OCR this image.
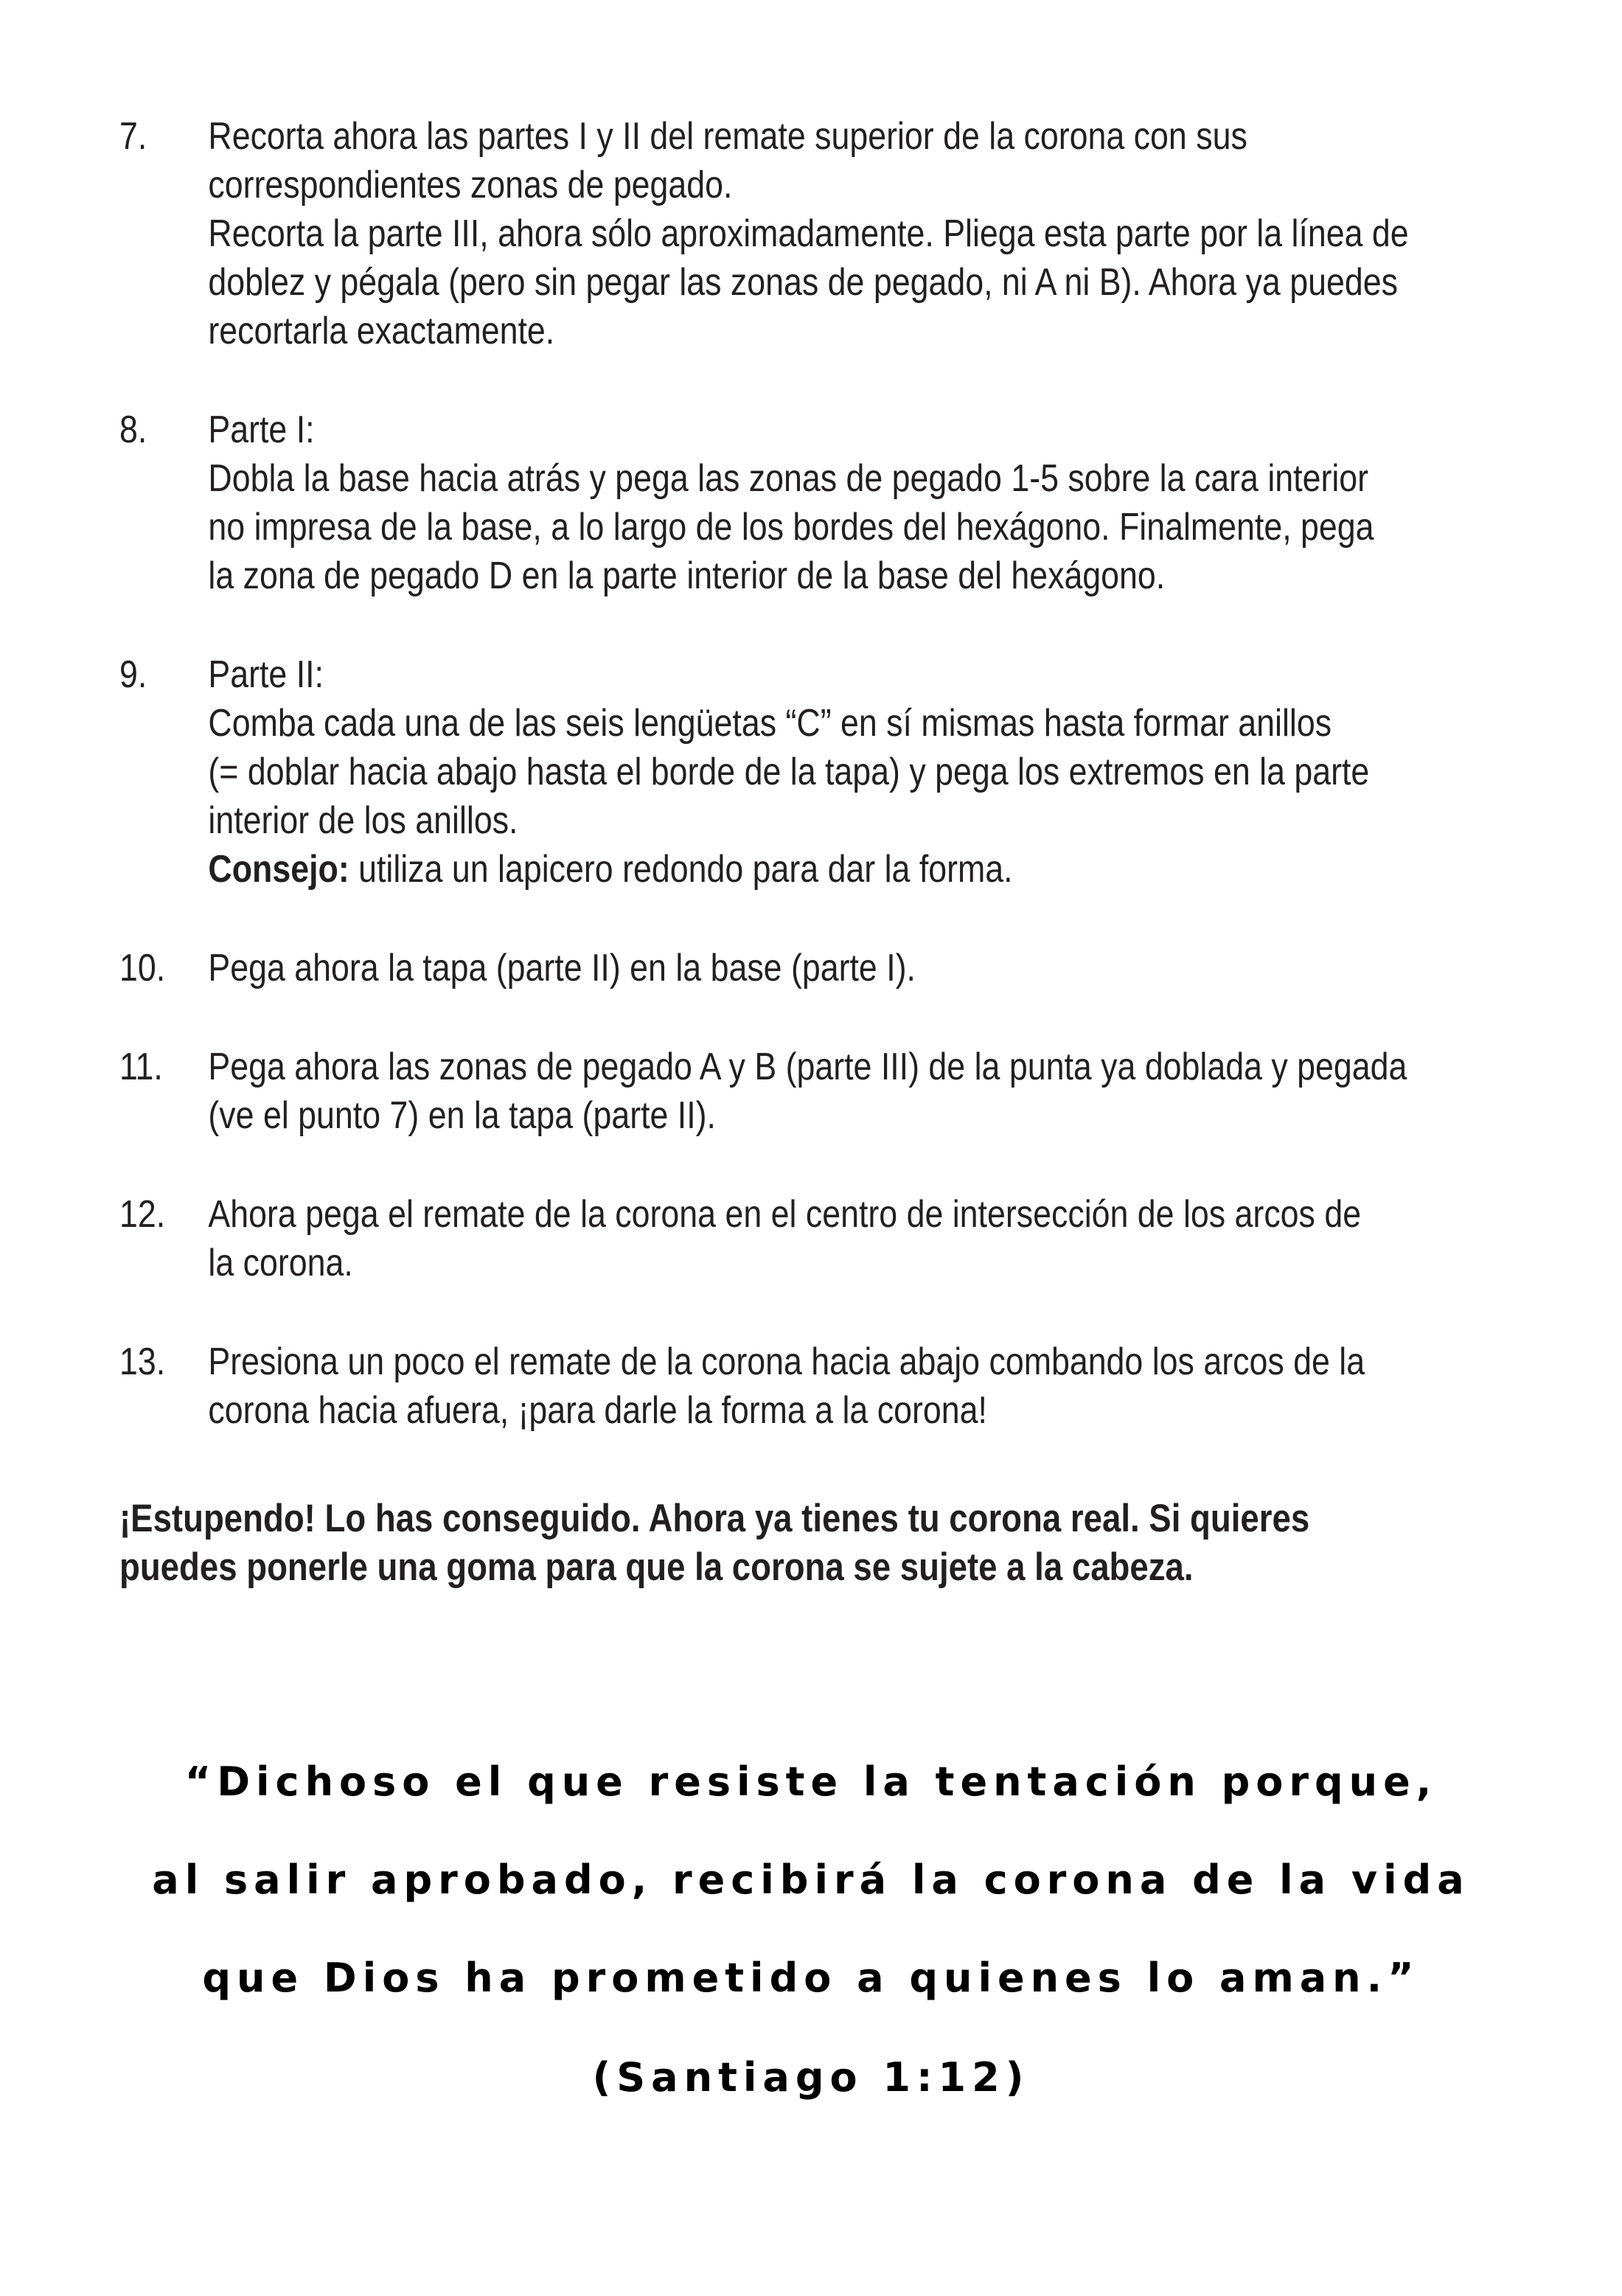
7.	Recorta ahora las partes I y II del remate superior de la corona con sus
correspondientes zonas de pegado.
Recorta la parte III, ahora sólo aproximadamente. Pliega esta parte por la línea de
doblez y pégala (pero sin pegar las zonas de pegado, ni A ni B). Ahora ya puedes
recortarla exactamente.
8.	Parte I:
Dobla la base hacia atrás y pega las zonas de pegado 1-5 sobre la cara interior
no impresa de la base, a lo largo de los bordes del hexágono. Finalmente, pega
la zona de pegado D en la parte interior de la base del hexágono.
9.	Parte II:
Comba cada una de las seis lengüetas “C” en sí mismas hasta formar anillos
(= doblar hacia abajo hasta el borde de la tapa) y pega los extremos en la parte
interior de los anillos.
Consejo: utiliza un lapicero redondo para dar la forma.
10.	Pega ahora la tapa (parte II) en la base (parte I).
11.	Pega ahora las zonas de pegado A y B (parte III) de la punta ya doblada y pegada
(ve el punto 7) en la tapa (parte II).
12.	Ahora pega el remate de la corona en el centro de intersección de los arcos de
la corona.
13.	Presiona un poco el remate de la corona hacia abajo combando los arcos de la
corona hacia afuera, ¡para darle la forma a la corona!
¡Estupendo! Lo has conseguido. Ahora ya tienes tu corona real. Si quieres
puedes ponerle una goma para que la corona se sujete a la cabeza.
“Dichoso el que resiste la tentación porque,
al salir aprobado, recibirá la corona de la vida
que Dios ha prometido a quienes lo aman.”
(Santiago 1:12)
